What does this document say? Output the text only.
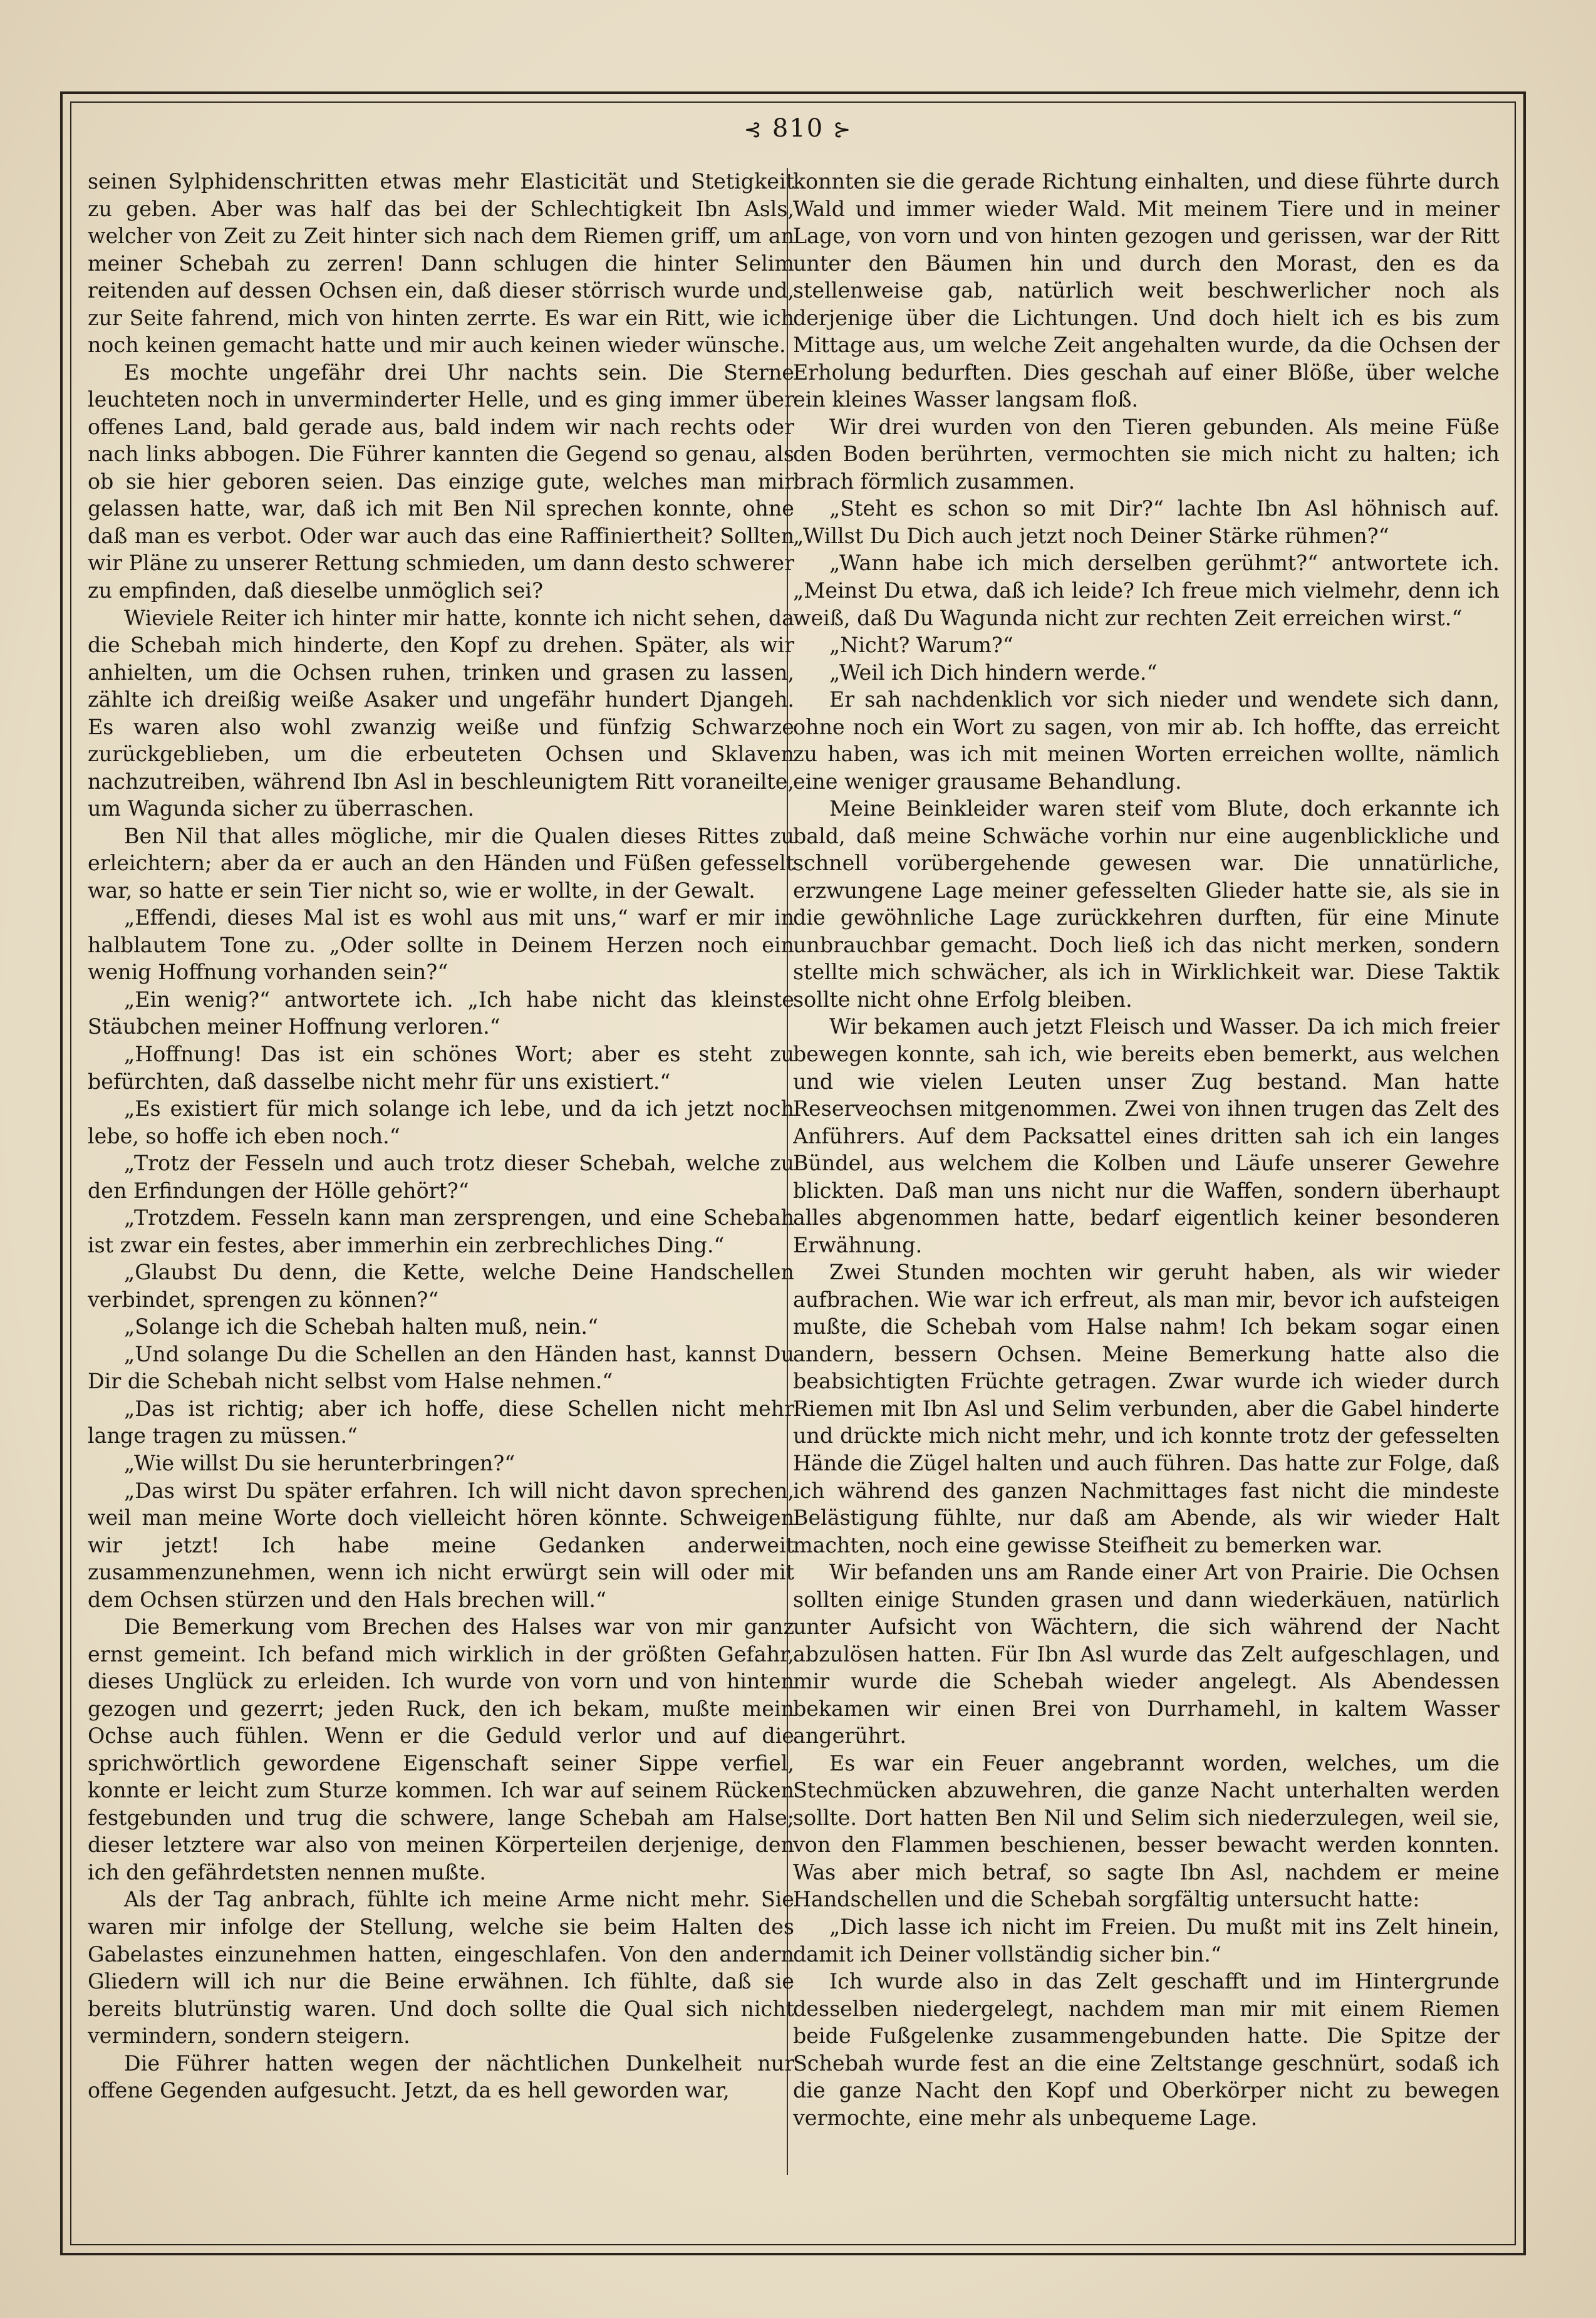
⊰ 810 ⊱

seinen Sylphidenschritten etwas mehr Elasticität und Stetigkeit zu geben. Aber was half das bei der Schlechtigkeit Ibn Asls, welcher von Zeit zu Zeit hinter sich nach dem Riemen griff, um an meiner Schebah zu zerren! Dann schlugen die hinter Selim reitenden auf dessen Ochsen ein, daß dieser störrisch wurde und, zur Seite fahrend, mich von hinten zerrte. Es war ein Ritt, wie ich noch keinen gemacht hatte und mir auch keinen wieder wünsche.

Es mochte ungefähr drei Uhr nachts sein. Die Sterne leuchteten noch in unverminderter Helle, und es ging immer über offenes Land, bald gerade aus, bald indem wir nach rechts oder nach links abbogen. Die Führer kannten die Gegend so genau, als ob sie hier geboren seien. Das einzige gute, welches man mir gelassen hatte, war, daß ich mit Ben Nil sprechen konnte, ohne daß man es verbot. Oder war auch das eine Raffiniertheit? Sollten wir Pläne zu unserer Rettung schmieden, um dann desto schwerer zu empfinden, daß dieselbe unmöglich sei?

Wieviele Reiter ich hinter mir hatte, konnte ich nicht sehen, da die Schebah mich hinderte, den Kopf zu drehen. Später, als wir anhielten, um die Ochsen ruhen, trinken und grasen zu lassen, zählte ich dreißig weiße Asaker und ungefähr hundert Djangeh. Es waren also wohl zwanzig weiße und fünfzig Schwarze zurückgeblieben, um die erbeuteten Ochsen und Sklaven nachzutreiben, während Ibn Asl in beschleunigtem Ritt voraneilte, um Wagunda sicher zu überraschen.

Ben Nil that alles mögliche, mir die Qualen dieses Rittes zu erleichtern; aber da er auch an den Händen und Füßen gefesselt war, so hatte er sein Tier nicht so, wie er wollte, in der Gewalt.

„Effendi, dieses Mal ist es wohl aus mit uns,“ warf er mir in halblautem Tone zu. „Oder sollte in Deinem Herzen noch ein wenig Hoffnung vorhanden sein?“

„Ein wenig?“ antwortete ich. „Ich habe nicht das kleinste Stäubchen meiner Hoffnung verloren.“

„Hoffnung! Das ist ein schönes Wort; aber es steht zu befürchten, daß dasselbe nicht mehr für uns existiert.“

„Es existiert für mich solange ich lebe, und da ich jetzt noch lebe, so hoffe ich eben noch.“

„Trotz der Fesseln und auch trotz dieser Schebah, welche zu den Erfindungen der Hölle gehört?“

„Trotzdem. Fesseln kann man zersprengen, und eine Schebah ist zwar ein festes, aber immerhin ein zerbrechliches Ding.“

„Glaubst Du denn, die Kette, welche Deine Handschellen verbindet, sprengen zu können?“

„Solange ich die Schebah halten muß, nein.“

„Und solange Du die Schellen an den Händen hast, kannst Du Dir die Schebah nicht selbst vom Halse nehmen.“

„Das ist richtig; aber ich hoffe, diese Schellen nicht mehr lange tragen zu müssen.“

„Wie willst Du sie herunterbringen?“

„Das wirst Du später erfahren. Ich will nicht davon sprechen, weil man meine Worte doch vielleicht hören könnte. Schweigen wir jetzt! Ich habe meine Gedanken anderweit zusammenzunehmen, wenn ich nicht erwürgt sein will oder mit dem Ochsen stürzen und den Hals brechen will.“

Die Bemerkung vom Brechen des Halses war von mir ganz ernst gemeint. Ich befand mich wirklich in der größten Gefahr, dieses Unglück zu erleiden. Ich wurde von vorn und von hinten gezogen und gezerrt; jeden Ruck, den ich bekam, mußte mein Ochse auch fühlen. Wenn er die Geduld verlor und auf die sprichwörtlich gewordene Eigenschaft seiner Sippe verfiel, konnte er leicht zum Sturze kommen. Ich war auf seinem Rücken festgebunden und trug die schwere, lange Schebah am Halse; dieser letztere war also von meinen Körperteilen derjenige, den ich den gefährdetsten nennen mußte.

Als der Tag anbrach, fühlte ich meine Arme nicht mehr. Sie waren mir infolge der Stellung, welche sie beim Halten des Gabelastes einzunehmen hatten, eingeschlafen. Von den andern Gliedern will ich nur die Beine erwähnen. Ich fühlte, daß sie bereits blutrünstig waren. Und doch sollte die Qual sich nicht vermindern, sondern steigern.

Die Führer hatten wegen der nächtlichen Dunkelheit nur offene Gegenden aufgesucht. Jetzt, da es hell geworden war,

konnten sie die gerade Richtung einhalten, und diese führte durch Wald und immer wieder Wald. Mit meinem Tiere und in meiner Lage, von vorn und von hinten gezogen und gerissen, war der Ritt unter den Bäumen hin und durch den Morast, den es da stellenweise gab, natürlich weit beschwerlicher noch als derjenige über die Lichtungen. Und doch hielt ich es bis zum Mittage aus, um welche Zeit angehalten wurde, da die Ochsen der Erholung bedurften. Dies geschah auf einer Blöße, über welche ein kleines Wasser langsam floß.

Wir drei wurden von den Tieren gebunden. Als meine Füße den Boden berührten, vermochten sie mich nicht zu halten; ich brach förmlich zusammen.

„Steht es schon so mit Dir?“ lachte Ibn Asl höhnisch auf. „Willst Du Dich auch jetzt noch Deiner Stärke rühmen?“

„Wann habe ich mich derselben gerühmt?“ antwortete ich. „Meinst Du etwa, daß ich leide? Ich freue mich vielmehr, denn ich weiß, daß Du Wagunda nicht zur rechten Zeit erreichen wirst.“

„Nicht? Warum?“

„Weil ich Dich hindern werde.“

Er sah nachdenklich vor sich nieder und wendete sich dann, ohne noch ein Wort zu sagen, von mir ab. Ich hoffte, das erreicht zu haben, was ich mit meinen Worten erreichen wollte, nämlich eine weniger grausame Behandlung.

Meine Beinkleider waren steif vom Blute, doch erkannte ich bald, daß meine Schwäche vorhin nur eine augenblickliche und schnell vorübergehende gewesen war. Die unnatürliche, erzwungene Lage meiner gefesselten Glieder hatte sie, als sie in die gewöhnliche Lage zurückkehren durften, für eine Minute unbrauchbar gemacht. Doch ließ ich das nicht merken, sondern stellte mich schwächer, als ich in Wirklichkeit war. Diese Taktik sollte nicht ohne Erfolg bleiben.

Wir bekamen auch jetzt Fleisch und Wasser. Da ich mich freier bewegen konnte, sah ich, wie bereits eben bemerkt, aus welchen und wie vielen Leuten unser Zug bestand. Man hatte Reserveochsen mitgenommen. Zwei von ihnen trugen das Zelt des Anführers. Auf dem Packsattel eines dritten sah ich ein langes Bündel, aus welchem die Kolben und Läufe unserer Gewehre blickten. Daß man uns nicht nur die Waffen, sondern überhaupt alles abgenommen hatte, bedarf eigentlich keiner besonderen Erwähnung.

Zwei Stunden mochten wir geruht haben, als wir wieder aufbrachen. Wie war ich erfreut, als man mir, bevor ich aufsteigen mußte, die Schebah vom Halse nahm! Ich bekam sogar einen andern, bessern Ochsen. Meine Bemerkung hatte also die beabsichtigten Früchte getragen. Zwar wurde ich wieder durch Riemen mit Ibn Asl und Selim verbunden, aber die Gabel hinderte und drückte mich nicht mehr, und ich konnte trotz der gefesselten Hände die Zügel halten und auch führen. Das hatte zur Folge, daß ich während des ganzen Nachmittages fast nicht die mindeste Belästigung fühlte, nur daß am Abende, als wir wieder Halt machten, noch eine gewisse Steifheit zu bemerken war.

Wir befanden uns am Rande einer Art von Prairie. Die Ochsen sollten einige Stunden grasen und dann wiederkäuen, natürlich unter Aufsicht von Wächtern, die sich während der Nacht abzulösen hatten. Für Ibn Asl wurde das Zelt aufgeschlagen, und mir wurde die Schebah wieder angelegt. Als Abendessen bekamen wir einen Brei von Durrhamehl, in kaltem Wasser angerührt.

Es war ein Feuer angebrannt worden, welches, um die Stechmücken abzuwehren, die ganze Nacht unterhalten werden sollte. Dort hatten Ben Nil und Selim sich niederzulegen, weil sie, von den Flammen beschienen, besser bewacht werden konnten. Was aber mich betraf, so sagte Ibn Asl, nachdem er meine Handschellen und die Schebah sorgfältig untersucht hatte:

„Dich lasse ich nicht im Freien. Du mußt mit ins Zelt hinein, damit ich Deiner vollständig sicher bin.“

Ich wurde also in das Zelt geschafft und im Hintergrunde desselben niedergelegt, nachdem man mir mit einem Riemen beide Fußgelenke zusammengebunden hatte. Die Spitze der Schebah wurde fest an die eine Zeltstange geschnürt, sodaß ich die ganze Nacht den Kopf und Oberkörper nicht zu bewegen vermochte, eine mehr als unbequeme Lage.
